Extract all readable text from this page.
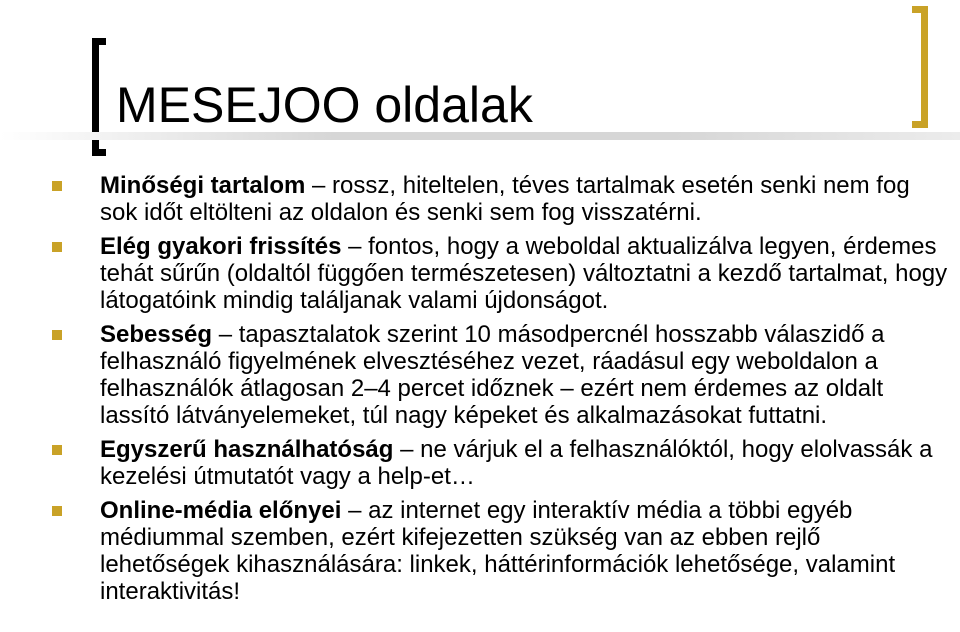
MESEJOO oldalak
Minőségi tartalom – rossz, hiteltelen, téves tartalmak esetén senki nem fog sok időt eltölteni az oldalon és senki sem fog visszatérni.
Elég gyakori frissítés – fontos, hogy a weboldal aktualizálva legyen, érdemes tehát sűrűn (oldaltól függően természetesen) változtatni a kezdő tartalmat, hogy látogatóink mindig találjanak valami újdonságot.
Sebesség – tapasztalatok szerint 10 másodpercnél hosszabb válaszidő a felhasználó figyelmének elvesztéséhez vezet, ráadásul egy weboldalon a felhasználók átlagosan 2–4 percet időznek – ezért nem érdemes az oldalt lassító látványelemeket, túl nagy képeket és alkalmazásokat futtatni.
Egyszerű használhatóság – ne várjuk el a felhasználóktól, hogy elolvassák a kezelési útmutatót vagy a help-et…
Online-média előnyei – az internet egy interaktív média a többi egyéb médiummal szemben, ezért kifejezetten szükség van az ebben rejlő lehetőségek kihasználására: linkek, háttérinformációk lehetősége, valamint interaktivitás!
